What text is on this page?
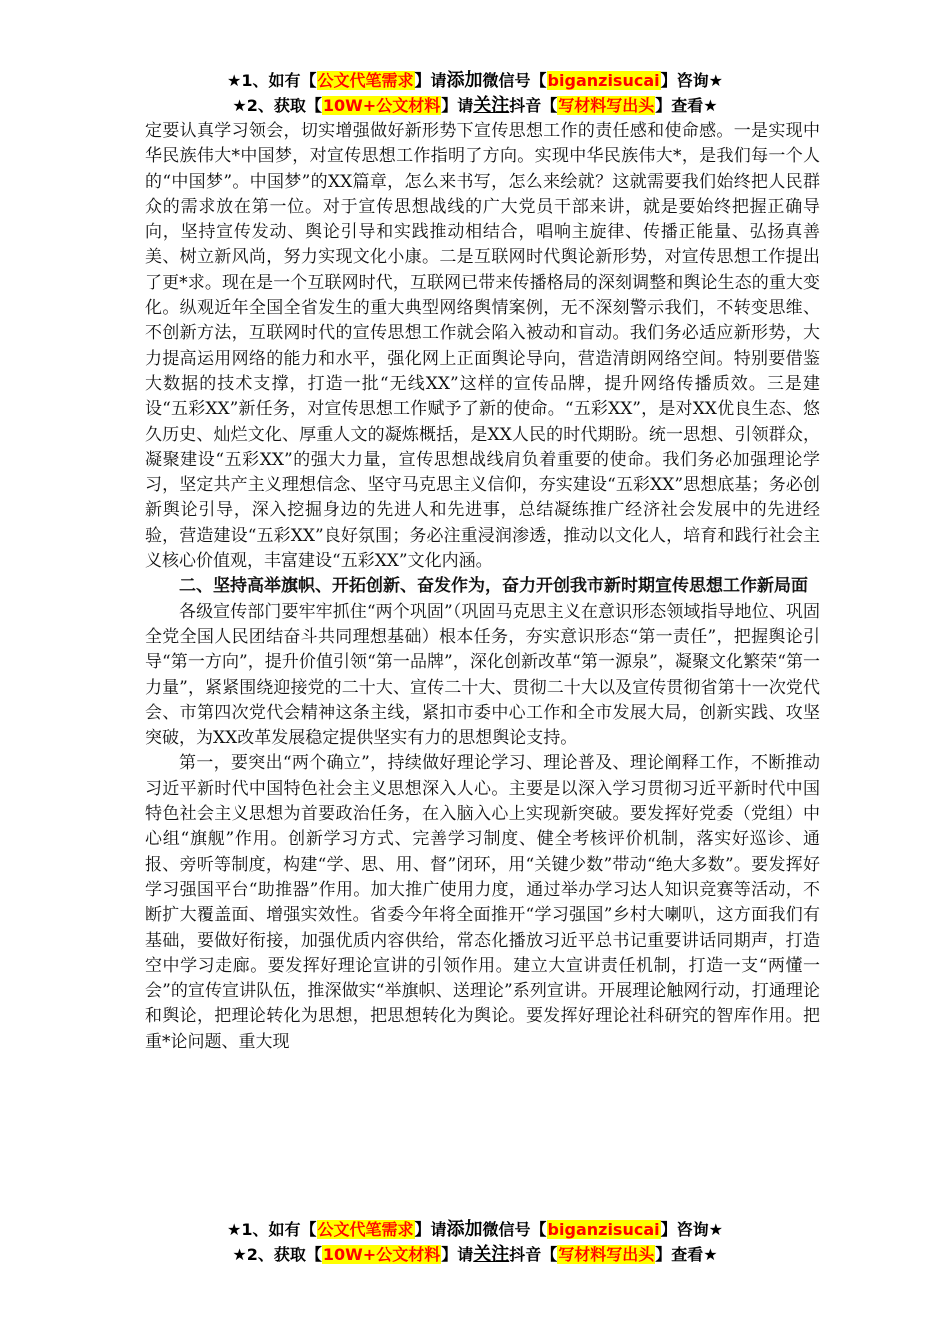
★1、如有【公文代笔需求】请添加微信号【biganzisucai】咨询★
★2、获取【10W+公文材料】请关注抖音【写材料写出头】查看★

定要认真学习领会，切实增强做好新形势下宣传思想工作的责任感和使命感。一是实现中华民族伟大*中国梦，对宣传思想工作指明了方向。实现中华民族伟大*，是我们每一个人的“中国梦”。中国梦”的XX篇章，怎么来书写，怎么来绘就？这就需要我们始终把人民群众的需求放在第一位。对于宣传思想战线的广大党员干部来讲，就是要始终把握正确导向，坚持宣传发动、舆论引导和实践推动相结合，唱响主旋律、传播正能量、弘扬真善美、树立新风尚，努力实现文化小康。二是互联网时代舆论新形势，对宣传思想工作提出了更*求。现在是一个互联网时代，互联网已带来传播格局的深刻调整和舆论生态的重大变化。纵观近年全国全省发生的重大典型网络舆情案例，无不深刻警示我们，不转变思维、不创新方法，互联网时代的宣传思想工作就会陷入被动和盲动。我们务必适应新形势，大力提高运用网络的能力和水平，强化网上正面舆论导向，营造清朗网络空间。特别要借鉴大数据的技术支撑，打造一批“无线XX”这样的宣传品牌，提升网络传播质效。三是建设“五彩XX”新任务，对宣传思想工作赋予了新的使命。“五彩XX”，是对XX优良生态、悠久历史、灿烂文化、厚重人文的凝炼概括，是XX人民的时代期盼。统一思想、引领群众，凝聚建设“五彩XX”的强大力量，宣传思想战线肩负着重要的使命。我们务必加强理论学习，坚定共产主义理想信念、坚守马克思主义信仰，夯实建设“五彩XX”思想底基；务必创新舆论引导，深入挖掘身边的先进人和先进事，总结凝练推广经济社会发展中的先进经验，营造建设“五彩XX”良好氛围；务必注重浸润渗透，推动以文化人，培育和践行社会主义核心价值观，丰富建设“五彩XX”文化内涵。

二、坚持高举旗帜、开拓创新、奋发作为，奋力开创我市新时期宣传思想工作新局面

各级宣传部门要牢牢抓住“两个巩固”（巩固马克思主义在意识形态领域指导地位、巩固全党全国人民团结奋斗共同理想基础）根本任务，夯实意识形态“第一责任”，把握舆论引导“第一方向”，提升价值引领“第一品牌”，深化创新改革“第一源泉”，凝聚文化繁荣“第一力量”，紧紧围绕迎接党的二十大、宣传二十大、贯彻二十大以及宣传贯彻省第十一次党代会、市第四次党代会精神这条主线，紧扣市委中心工作和全市发展大局，创新实践、攻坚突破，为XX改革发展稳定提供坚实有力的思想舆论支持。

第一，要突出“两个确立”，持续做好理论学习、理论普及、理论阐释工作，不断推动习近平新时代中国特色社会主义思想深入人心。主要是以深入学习贯彻习近平新时代中国特色社会主义思想为首要政治任务，在入脑入心上实现新突破。要发挥好党委（党组）中心组“旗舰”作用。创新学习方式、完善学习制度、健全考核评价机制，落实好巡诊、通报、旁听等制度，构建“学、思、用、督”闭环，用“关键少数”带动“绝大多数”。要发挥好学习强国平台“助推器”作用。加大推广使用力度，通过举办学习达人知识竞赛等活动，不断扩大覆盖面、增强实效性。省委今年将全面推开“学习强国”乡村大喇叭，这方面我们有基础，要做好衔接，加强优质内容供给，常态化播放习近平总书记重要讲话同期声，打造空中学习走廊。要发挥好理论宣讲的引领作用。建立大宣讲责任机制，打造一支“两懂一会”的宣传宣讲队伍，推深做实“举旗帜、送理论”系列宣讲。开展理论触网行动，打通理论和舆论，把理论转化为思想，把思想转化为舆论。要发挥好理论社科研究的智库作用。把重*论问题、重大现

★1、如有【公文代笔需求】请添加微信号【biganzisucai】咨询★
★2、获取【10W+公文材料】请关注抖音【写材料写出头】查看★
